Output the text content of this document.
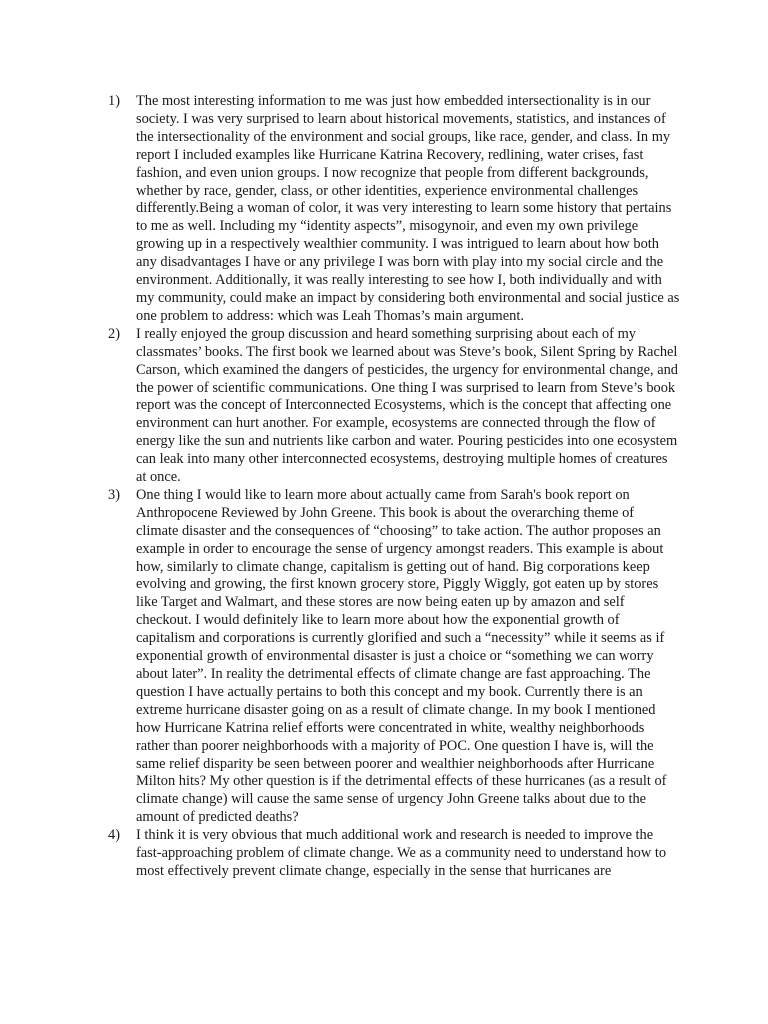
1) The most interesting information to me was just how embedded intersectionality is in our society. I was very surprised to learn about historical movements, statistics, and instances of the intersectionality of the environment and social groups, like race, gender, and class. In my report I included examples like Hurricane Katrina Recovery, redlining, water crises, fast fashion, and even union groups. I now recognize that people from different backgrounds, whether by race, gender, class, or other identities, experience environmental challenges differently.Being a woman of color, it was very interesting to learn some history that pertains to me as well. Including my “identity aspects”, misogynoir, and even my own privilege growing up in a respectively wealthier community. I was intrigued to learn about how both any disadvantages I have or any privilege I was born with play into my social circle and the environment. Additionally, it was really interesting to see how I, both individually and with my community, could make an impact by considering both environmental and social justice as one problem to address: which was Leah Thomas’s main argument.
2) I really enjoyed the group discussion and heard something surprising about each of my classmates’ books. The first book we learned about was Steve’s book, Silent Spring by Rachel Carson, which examined the dangers of pesticides, the urgency for environmental change, and the power of scientific communications. One thing I was surprised to learn from Steve’s book report was the concept of Interconnected Ecosystems, which is the concept that affecting one environment can hurt another. For example, ecosystems are connected through the flow of energy like the sun and nutrients like carbon and water. Pouring pesticides into one ecosystem can leak into many other interconnected ecosystems, destroying multiple homes of creatures at once.
3) One thing I would like to learn more about actually came from Sarah's book report on Anthropocene Reviewed by John Greene. This book is about the overarching theme of climate disaster and the consequences of “choosing” to take action. The author proposes an example in order to encourage the sense of urgency amongst readers. This example is about how, similarly to climate change, capitalism is getting out of hand. Big corporations keep evolving and growing, the first known grocery store, Piggly Wiggly, got eaten up by stores like Target and Walmart, and these stores are now being eaten up by amazon and self checkout. I would definitely like to learn more about how the exponential growth of capitalism and corporations is currently glorified and such a “necessity” while it seems as if exponential growth of environmental disaster is just a choice or “something we can worry about later”. In reality the detrimental effects of climate change are fast approaching. The question I have actually pertains to both this concept and my book. Currently there is an extreme hurricane disaster going on as a result of climate change. In my book I mentioned how Hurricane Katrina relief efforts were concentrated in white, wealthy neighborhoods rather than poorer neighborhoods with a majority of POC. One question I have is, will the same relief disparity be seen between poorer and wealthier neighborhoods after Hurricane Milton hits? My other question is if the detrimental effects of these hurricanes (as a result of climate change) will cause the same sense of urgency John Greene talks about due to the amount of predicted deaths?
4) I think it is very obvious that much additional work and research is needed to improve the fast-approaching problem of climate change. We as a community need to understand how to most effectively prevent climate change, especially in the sense that hurricanes are
